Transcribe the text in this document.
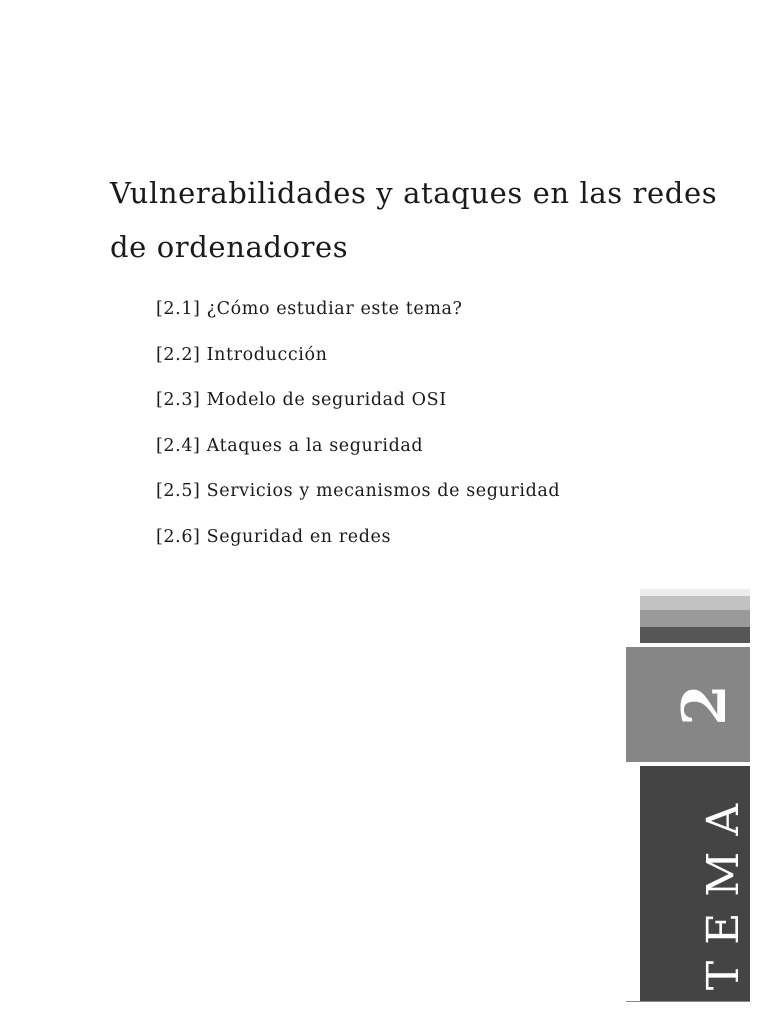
Vulnerabilidades y ataques en las redes de ordenadores
[2.1] ¿Cómo estudiar este tema?
[2.2] Introducción
[2.3] Modelo de seguridad OSI
[2.4] Ataques a la seguridad
[2.5] Servicios y mecanismos de seguridad
[2.6] Seguridad en redes
2
TEMA
